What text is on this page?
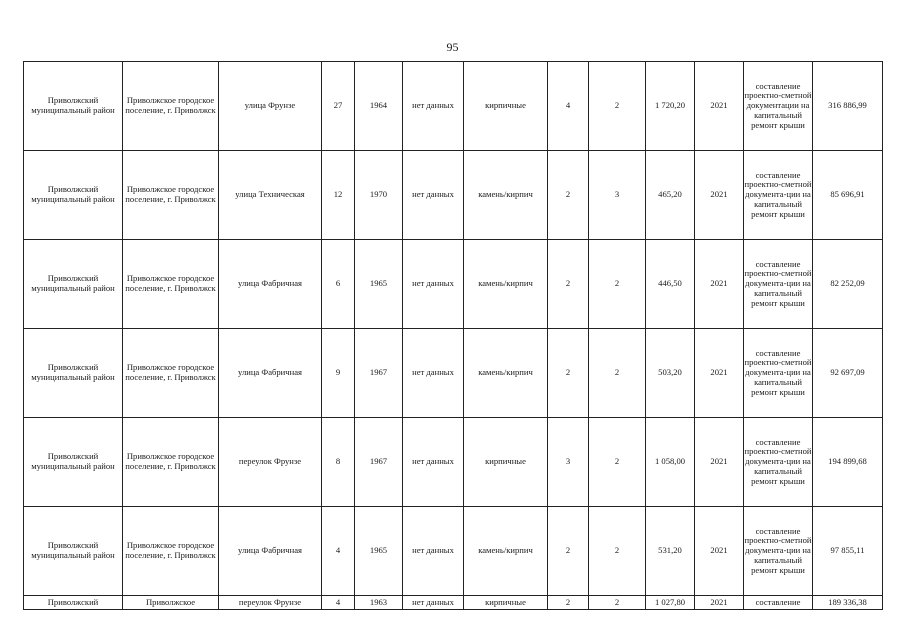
95
Приволжский муниципальный район	Приволжское городское поселение, г. Приволжск	улица Фрунзе	27	1964	нет данных	кирпичные	4	2	1 720,20	2021	составление проектно-сметной документации на капитальный ремонт крыши	316 886,99
Приволжский муниципальный район	Приволжское городское поселение, г. Приволжск	улица Техническая	12	1970	нет данных	камень/кирпич	2	3	465,20	2021	составление проектно-сметной документа-ции на капитальный ремонт крыши	85 696,91
Приволжский муниципальный район	Приволжское городское поселение, г. Приволжск	улица Фабричная	6	1965	нет данных	камень/кирпич	2	2	446,50	2021	составление проектно-сметной документа-ции на капитальный ремонт крыши	82 252,09
Приволжский муниципальный район	Приволжское городское поселение, г. Приволжск	улица Фабричная	9	1967	нет данных	камень/кирпич	2	2	503,20	2021	составление проектно-сметной документа-ции на капитальный ремонт крыши	92 697,09
Приволжский муниципальный район	Приволжское городское поселение, г. Приволжск	переулок Фрунзе	8	1967	нет данных	кирпичные	3	2	1 058,00	2021	составление проектно-сметной документа-ции на капитальный ремонт крыши	194 899,68
Приволжский муниципальный район	Приволжское городское поселение, г. Приволжск	улица Фабричная	4	1965	нет данных	камень/кирпич	2	2	531,20	2021	составление проектно-сметной документа-ции на капитальный ремонт крыши	97 855,11
Приволжский	Приволжское	переулок Фрунзе	4	1963	нет данных	кирпичные	2	2	1 027,80	2021	составление	189 336,38
